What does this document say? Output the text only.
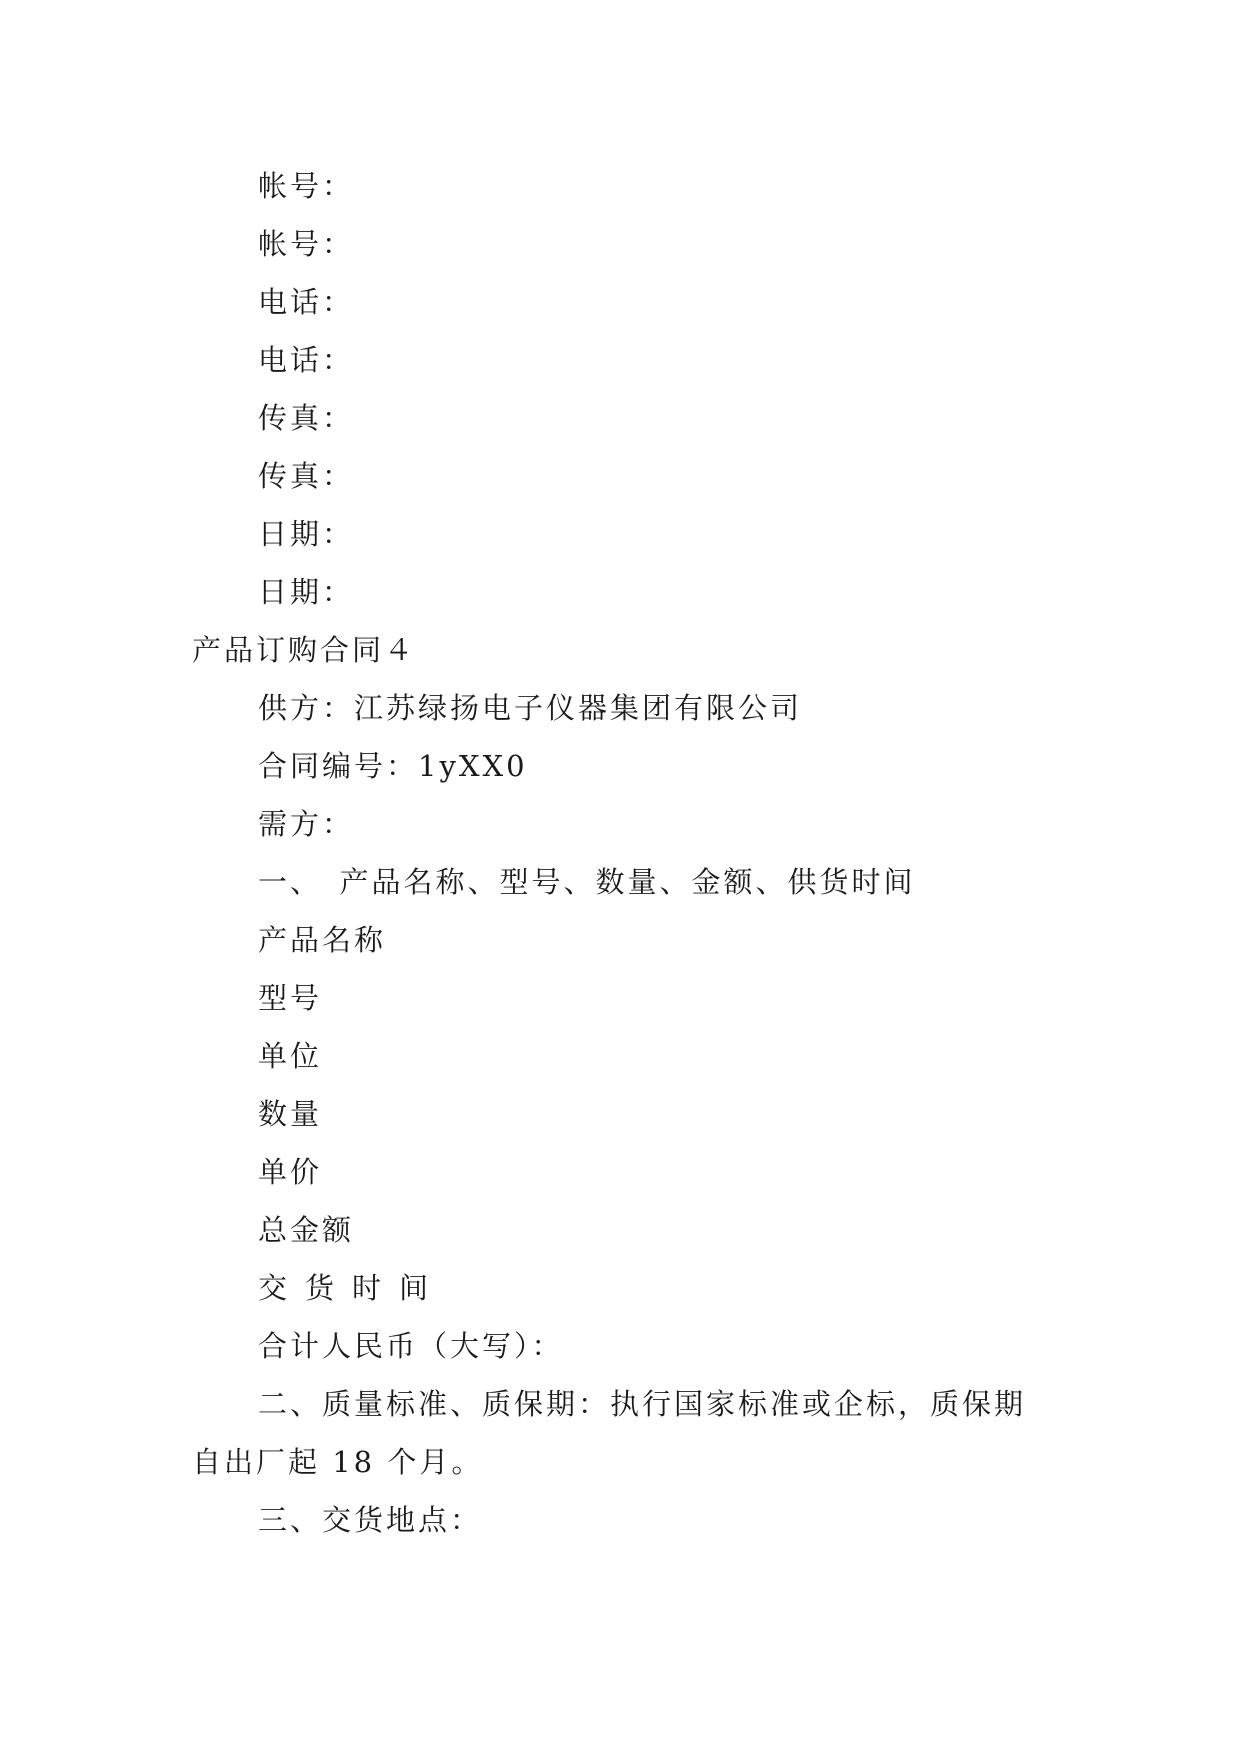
帐号：
帐号：
电话：
电话：
传真：
传真：
日期：
日期：
产品订购合同４
供方：江苏绿扬电子仪器集团有限公司
合同编号：1yXX0
需方：
一、　产品名称、型号、数量、金额、供货时间
产品名称
型号
单位
数量
单价
总金额
交货时间
合计人民币（大写）：
二、质量标准、质保期：执行国家标准或企标，质保期
自出厂起 18 个月。
三、交货地点：
